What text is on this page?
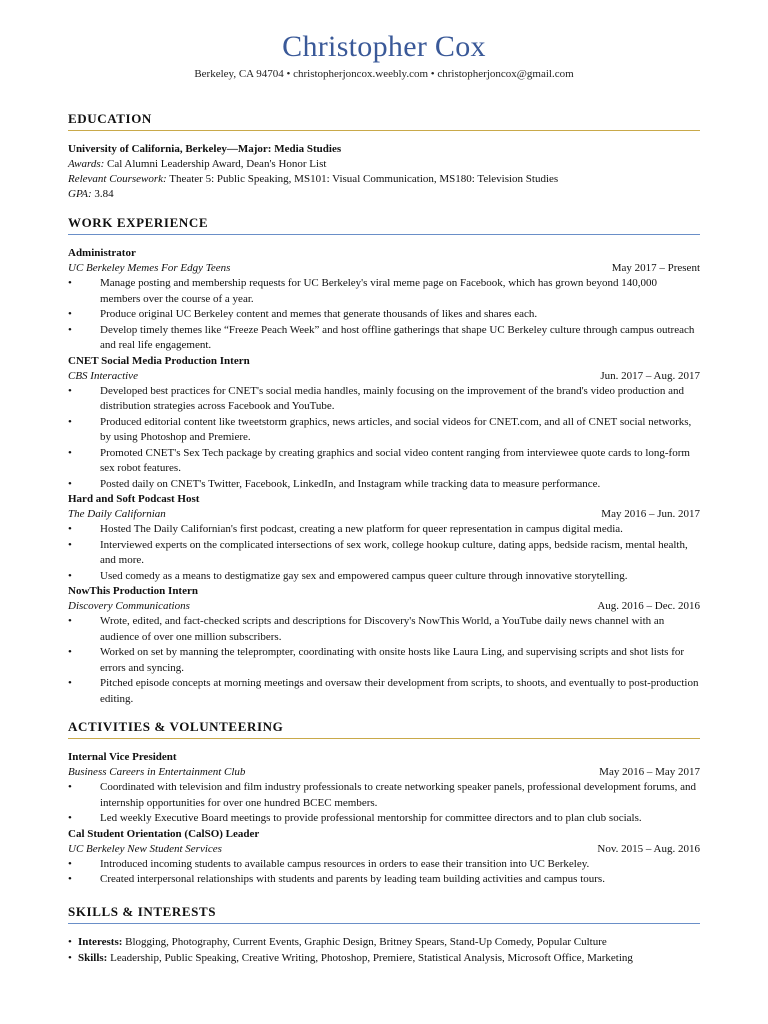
Christopher Cox
Berkeley, CA 94704 • christopherjoncox.weebly.com • christopherjoncox@gmail.com
EDUCATION
University of California, Berkeley—Major: Media Studies
Awards: Cal Alumni Leadership Award, Dean's Honor List
Relevant Coursework: Theater 5: Public Speaking, MS101: Visual Communication, MS180: Television Studies
GPA: 3.84
WORK EXPERIENCE
Administrator
UC Berkeley Memes For Edgy Teens	May 2017 – Present
• Manage posting and membership requests for UC Berkeley's viral meme page on Facebook, which has grown beyond 140,000 members over the course of a year.
• Produce original UC Berkeley content and memes that generate thousands of likes and shares each.
• Develop timely themes like “Freeze Peach Week” and host offline gatherings that shape UC Berkeley culture through campus outreach and real life engagement.
CNET Social Media Production Intern
CBS Interactive	Jun. 2017 – Aug. 2017
• Developed best practices for CNET's social media handles, mainly focusing on the improvement of the brand's video production and distribution strategies across Facebook and YouTube.
• Produced editorial content like tweetstorm graphics, news articles, and social videos for CNET.com, and all of CNET social networks, by using Photoshop and Premiere.
• Promoted CNET's Sex Tech package by creating graphics and social video content ranging from interviewee quote cards to long-form sex robot features.
• Posted daily on CNET's Twitter, Facebook, LinkedIn, and Instagram while tracking data to measure performance.
Hard and Soft Podcast Host
The Daily Californian	May 2016 – Jun. 2017
• Hosted The Daily Californian's first podcast, creating a new platform for queer representation in campus digital media.
• Interviewed experts on the complicated intersections of sex work, college hookup culture, dating apps, bedside racism, mental health, and more.
• Used comedy as a means to destigmatize gay sex and empowered campus queer culture through innovative storytelling.
NowThis Production Intern
Discovery Communications	Aug. 2016 – Dec. 2016
• Wrote, edited, and fact-checked scripts and descriptions for Discovery's NowThis World, a YouTube daily news channel with an audience of over one million subscribers.
• Worked on set by manning the teleprompter, coordinating with onsite hosts like Laura Ling, and supervising scripts and shot lists for errors and syncing.
• Pitched episode concepts at morning meetings and oversaw their development from scripts, to shoots, and eventually to post-production editing.
ACTIVITIES & VOLUNTEERING
Internal Vice President
Business Careers in Entertainment Club	May 2016 – May 2017
• Coordinated with television and film industry professionals to create networking speaker panels, professional development forums, and internship opportunities for over one hundred BCEC members.
• Led weekly Executive Board meetings to provide professional mentorship for committee directors and to plan club socials.
Cal Student Orientation (CalSO) Leader
UC Berkeley New Student Services	Nov. 2015 – Aug. 2016
• Introduced incoming students to available campus resources in orders to ease their transition into UC Berkeley.
• Created interpersonal relationships with students and parents by leading team building activities and campus tours.
SKILLS & INTERESTS
• Interests: Blogging, Photography, Current Events, Graphic Design, Britney Spears, Stand-Up Comedy, Popular Culture
• Skills: Leadership, Public Speaking, Creative Writing, Photoshop, Premiere, Statistical Analysis, Microsoft Office, Marketing
